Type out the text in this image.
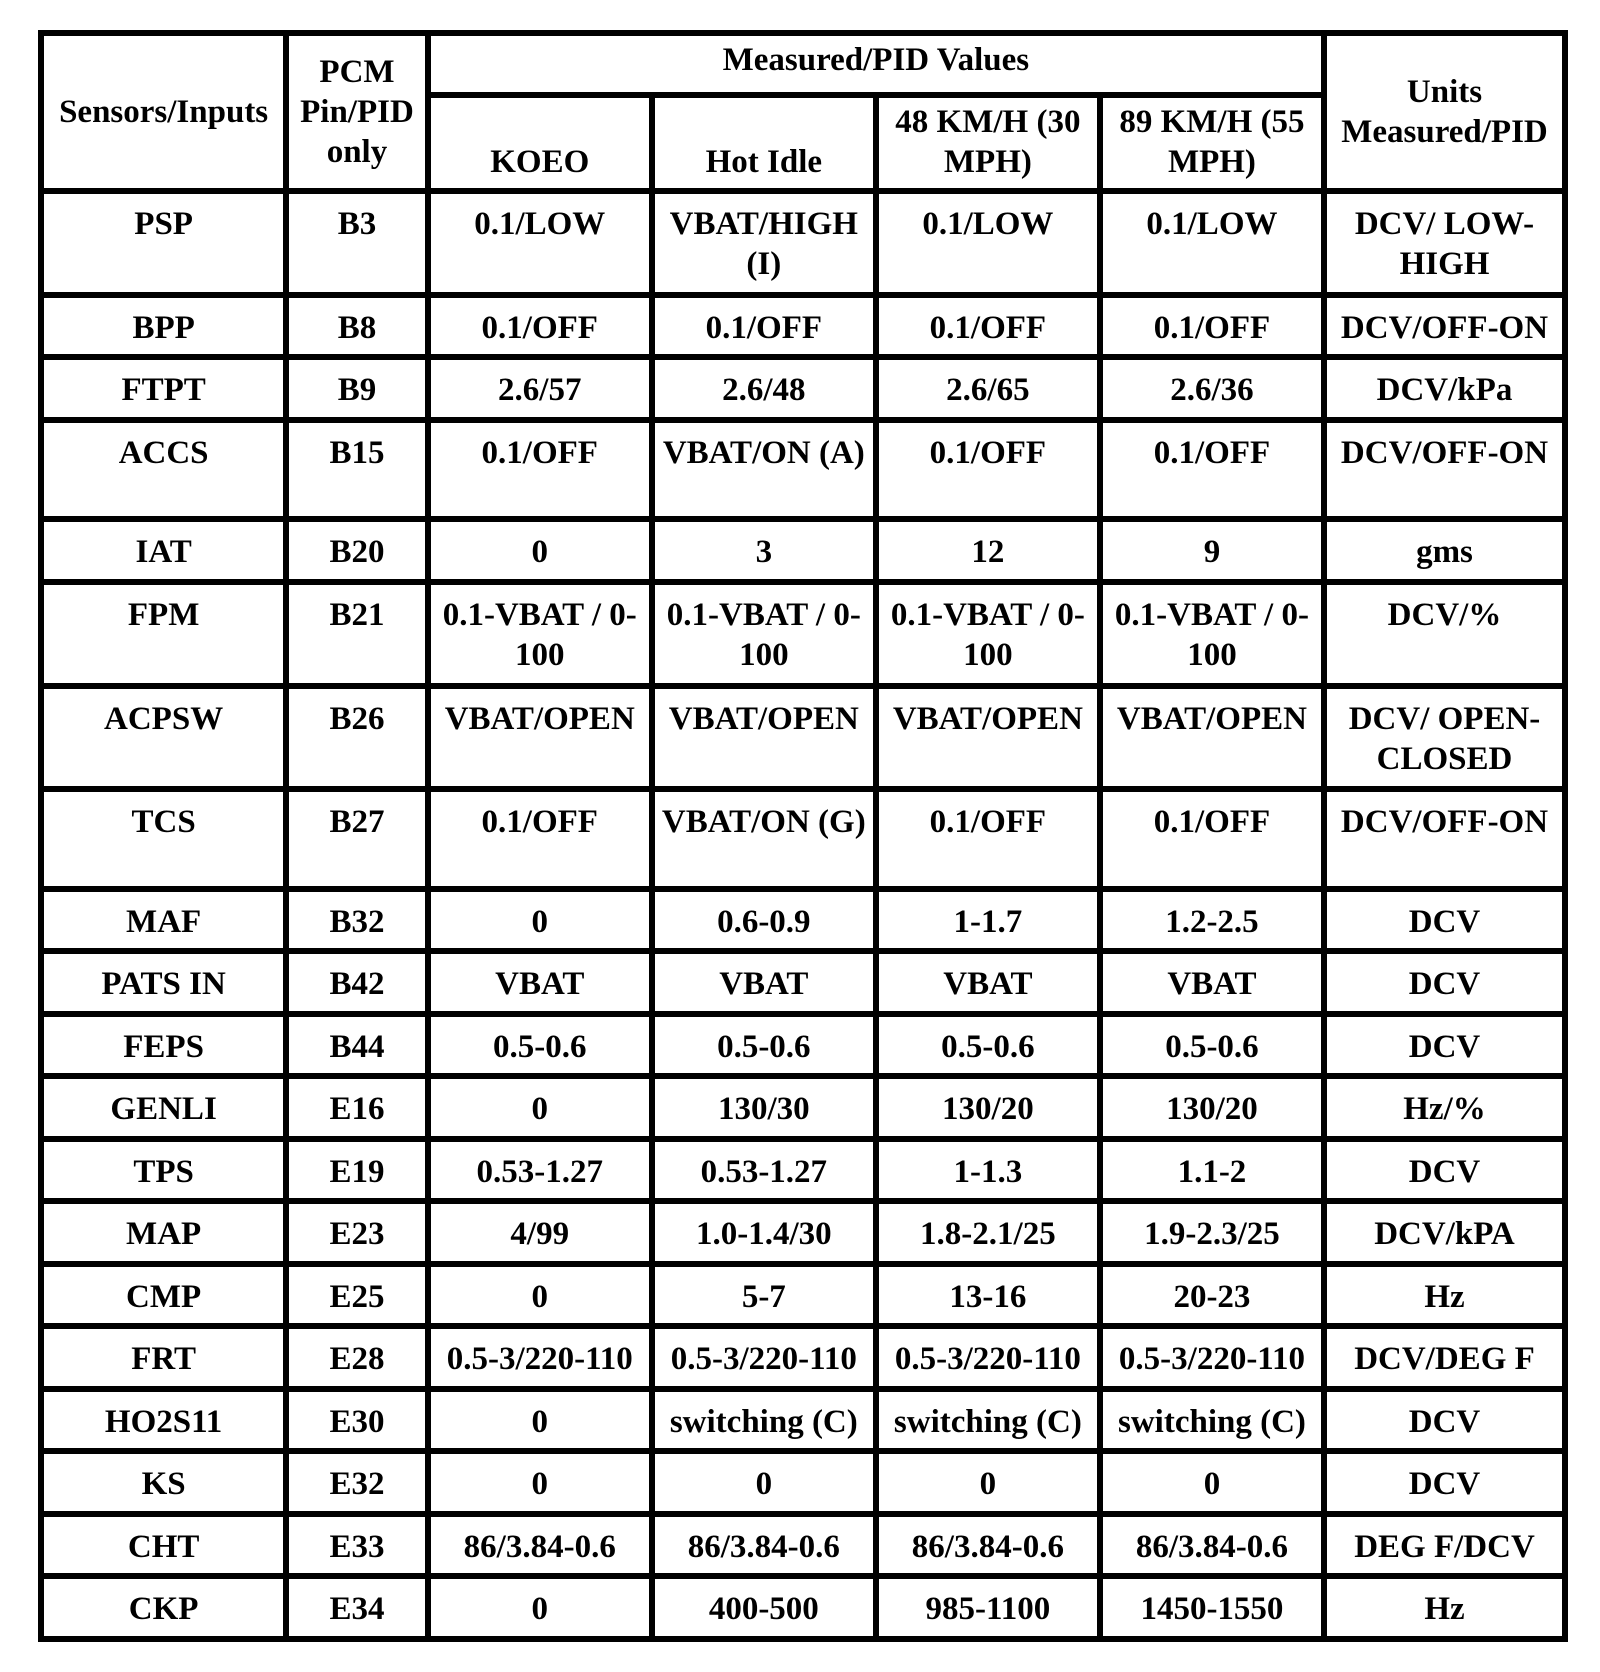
Sensors/Inputs	PCM Pin/PID only	Measured/PID Values				Units Measured/PID
		KOEO	Hot Idle	48 KM/H (30 MPH)	89 KM/H (55 MPH)	
PSP	B3	0.1/LOW	VBAT/HIGH (I)	0.1/LOW	0.1/LOW	DCV/ LOW-HIGH
BPP	B8	0.1/OFF	0.1/OFF	0.1/OFF	0.1/OFF	DCV/OFF-ON
FTPT	B9	2.6/57	2.6/48	2.6/65	2.6/36	DCV/kPa
ACCS	B15	0.1/OFF	VBAT/ON (A)	0.1/OFF	0.1/OFF	DCV/OFF-ON
IAT	B20	0	3	12	9	gms
FPM	B21	0.1-VBAT / 0-100	0.1-VBAT / 0-100	0.1-VBAT / 0-100	0.1-VBAT / 0-100	DCV/%
ACPSW	B26	VBAT/OPEN	VBAT/OPEN	VBAT/OPEN	VBAT/OPEN	DCV/ OPEN-CLOSED
TCS	B27	0.1/OFF	VBAT/ON (G)	0.1/OFF	0.1/OFF	DCV/OFF-ON
MAF	B32	0	0.6-0.9	1-1.7	1.2-2.5	DCV
PATS IN	B42	VBAT	VBAT	VBAT	VBAT	DCV
FEPS	B44	0.5-0.6	0.5-0.6	0.5-0.6	0.5-0.6	DCV
GENLI	E16	0	130/30	130/20	130/20	Hz/%
TPS	E19	0.53-1.27	0.53-1.27	1-1.3	1.1-2	DCV
MAP	E23	4/99	1.0-1.4/30	1.8-2.1/25	1.9-2.3/25	DCV/kPA
CMP	E25	0	5-7	13-16	20-23	Hz
FRT	E28	0.5-3/220-110	0.5-3/220-110	0.5-3/220-110	0.5-3/220-110	DCV/DEG F
HO2S11	E30	0	switching (C)	switching (C)	switching (C)	DCV
KS	E32	0	0	0	0	DCV
CHT	E33	86/3.84-0.6	86/3.84-0.6	86/3.84-0.6	86/3.84-0.6	DEG F/DCV
CKP	E34	0	400-500	985-1100	1450-1550	Hz
